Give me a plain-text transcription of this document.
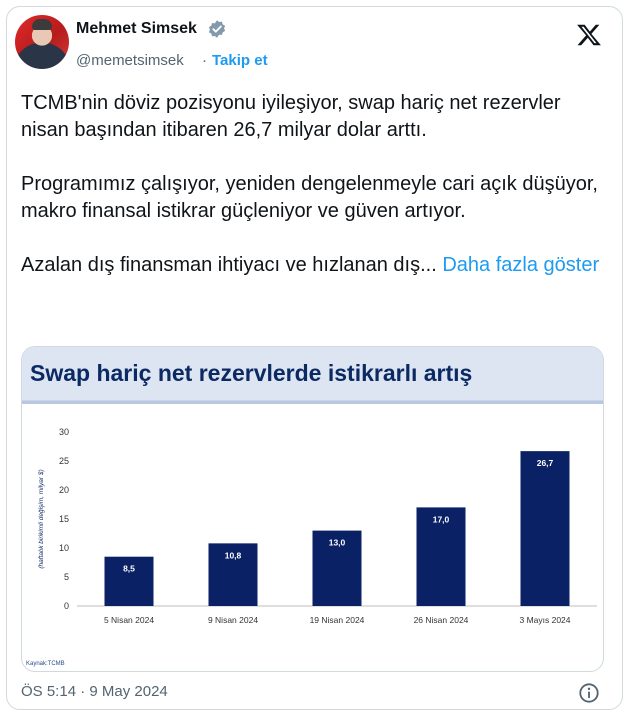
Mehmet Simsek
@memetsimsek · Takip et

TCMB'nin döviz pozisyonu iyileşiyor, swap hariç net rezervler nisan başından itibaren 26,7 milyar dolar arttı.

Programımız çalışıyor, yeniden dengelenmeyle cari açık düşüyor, makro finansal istikrar güçleniyor ve güven artıyor.

Azalan dış finansman ihtiyacı ve hızlanan dış... Daha fazla göster

Swap hariç net rezervlerde istikrarlı artış
0
5
10
15
20
25
30
(haftalık birikimli değişim, milyar $)
8,5
5 Nisan 2024
10,8
9 Nisan 2024
13,0
19 Nisan 2024
17,0
26 Nisan 2024
26,7
3 Mayıs 2024
Kaynak:TCMB
ÖS 5:14 · 9 May 2024
